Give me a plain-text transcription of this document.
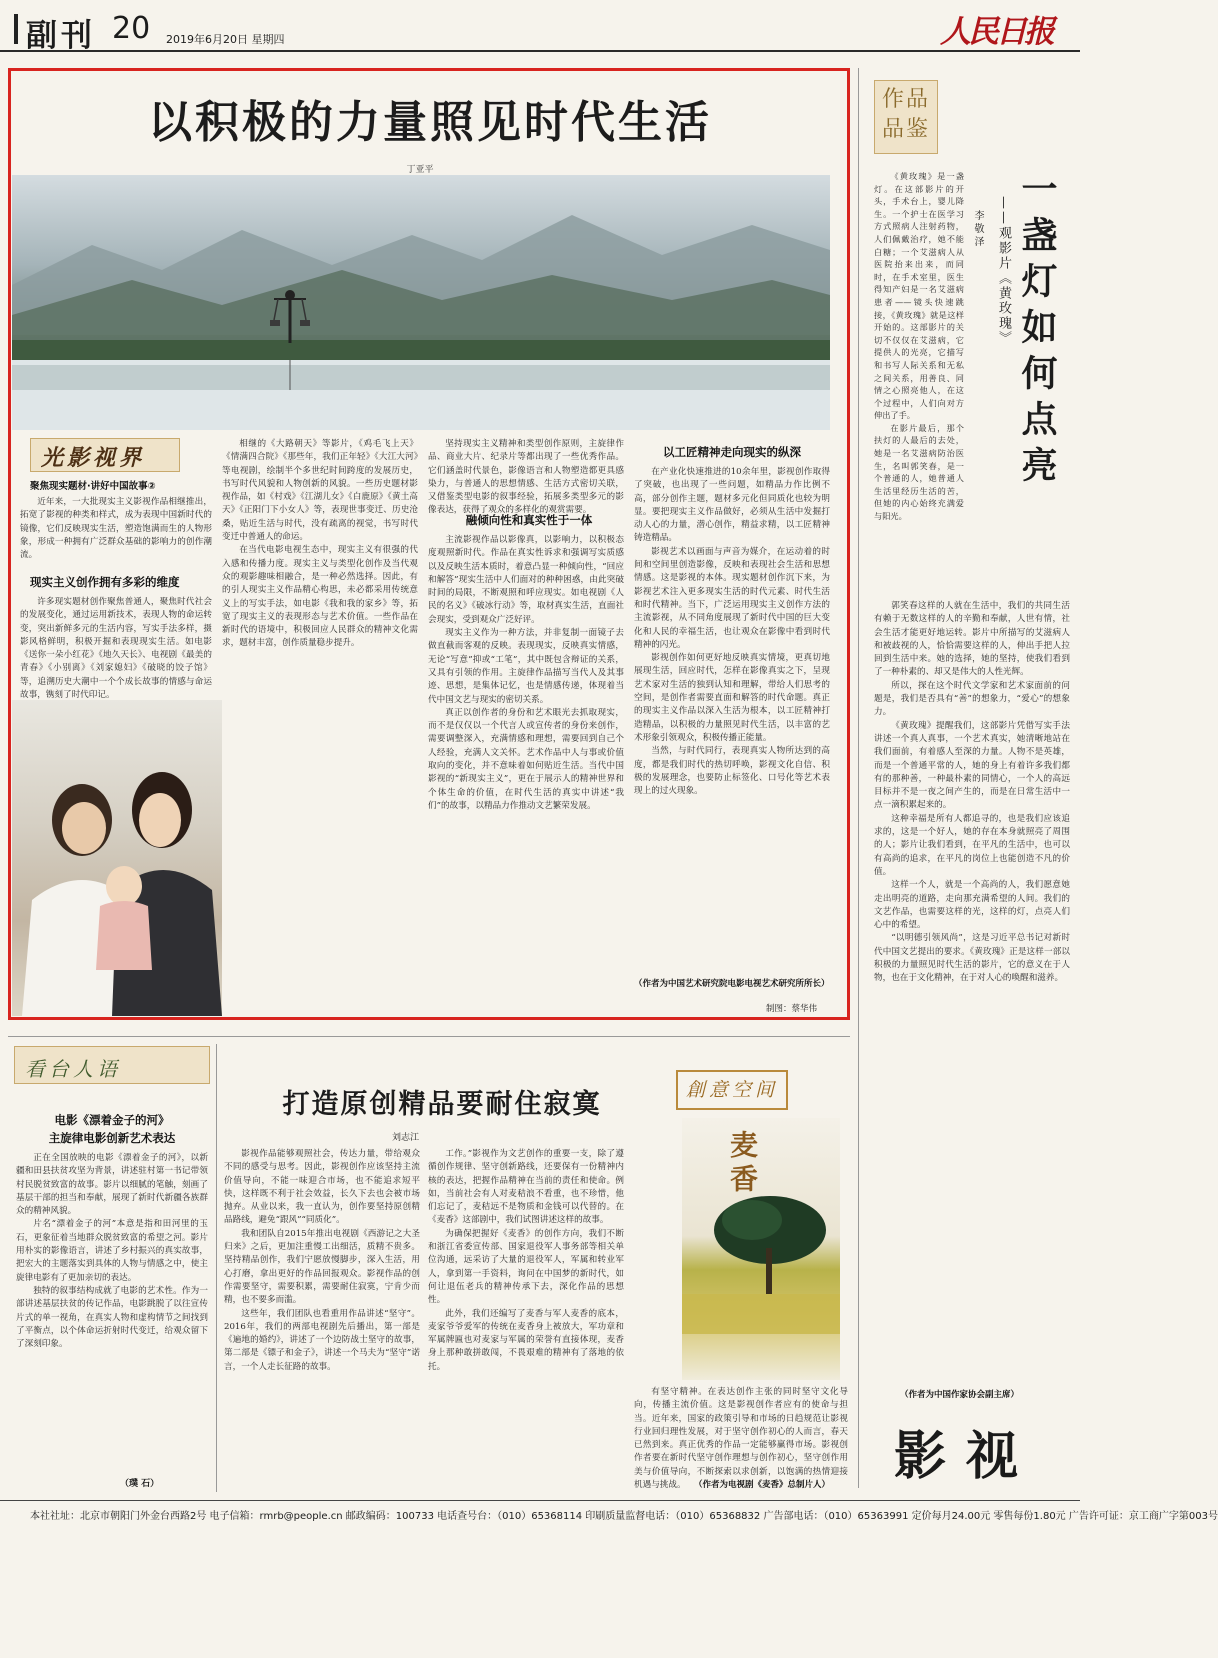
副刊 20 2019年6月20日 星期四	人民日报
以积极的力量照见时代生活
丁亚平
光影视界
聚焦现实题材·讲好中国故事②

近年来，一大批现实主义影视作品相继推出，拓宽了影视的种类和样式，成为表现中国新时代的镜像，它们反映现实生活，塑造饱满而生的人物形象，形成一种拥有广泛群众基础的影响力的创作潮流。

现实主义创作拥有多彩的维度

许多现实题材创作聚焦普通人，聚焦时代社会的发展变化，通过运用新技术，表现人物的命运转变，突出新鲜多元的生活内容，写实手法多样，摄影风格鲜明，积极开掘和表现现实生活。如电影《送你一朵小红花》《地久天长》、电视剧《最美的青春》《小别离》《刘家媳妇》《破晓的饺子馆》等，追溯历史大潮中一个个成长故事的情感与命运故事，镌刻了时代印记。

相继的《大路朝天》等影片，《鸡毛飞上天》《情满四合院》《那些年，我们正年轻》《大江大河》等电视剧，绘制半个多世纪时间跨度的发展历史，书写时代风貌和人物创新的风貌。一些历史题材影视作品，如《村戏》《江湖儿女》《白鹿原》《黄土高天》《正阳门下小女人》等，表现世事变迁、历史沧桑，贴近生活与时代，没有疏离的视觉，书写时代变迁中普通人的命运。

在当代电影电视生态中，现实主义有很强的代入感和传播力度。现实主义与类型化创作及当代观众的观影趣味相融合，是一种必然选择。因此，有的引人现实主义作品精心构思，未必都采用传统意义上的写实手法，如电影《我和我的家乡》等，拓宽了现实主义的表现形态与艺术价值。一些作品在新时代的语境中，积极回应人民群众的精神文化需求，题材丰富，创作质量稳步提升。

坚持现实主义精神和类型创作原则，主旋律作品、商业大片、纪录片等都出现了一些优秀作品。它们涵盖时代景色，影像语言和人物塑造都更具感染力，与普通人的思想情感、生活方式密切关联，又借鉴类型电影的叙事经验，拓展多类型多元的影像表达，获得了观众的多样化的观赏需要。

融倾向性和真实性于一体

主流影视作品以影像真，以影响力，以积极态度观照新时代。作品在真实性诉求和强调写实质感以及反映生活本质时，着意凸显一种倾向性，“回应和解答”现实生活中人们面对的种种困惑，由此突破时间的局限，不断观照和呼应现实。如电视剧《人民的名义》《破冰行动》等，取材真实生活，直面社会现实，受到观众广泛好评。

现实主义作为一种方法，并非复制一面镜子去做直截而客观的反映。表现现实，反映真实情感，无论“写意”抑或“工笔”，其中既包含辩证的关系，又具有引领的作用。主旋律作品描写当代人及其事迹、思想，是集体记忆，也是情感传递，体现着当代中国文艺与现实的密切关系。

真正以创作者的身份和艺术眼光去抓取现实，而不是仅仅以一个代言人或宣传者的身份来创作，需要调整深入，充满情感和理想，需要回到自己个人经验，充满人文关怀。艺术作品中人与事或价值取向的变化，并不意味着如何贴近生活。当代中国影视的“新现实主义”，更在于展示人的精神世界和个体生命的价值，在时代生活的真实中讲述“我们”的故事，以精品力作推动文艺繁荣发展。

以工匠精神走向现实的纵深

在产业化快速推进的10余年里，影视创作取得了突破，也出现了一些问题，如精品力作比例不高，部分创作主题，题材多元化但同质化也较为明显。要把现实主义作品做好，必须从生活中发掘打动人心的力量，潜心创作，精益求精，以工匠精神铸造精品。

影视艺术以画面与声音为媒介，在运动着的时间和空间里创造影像，反映和表现社会生活和思想情感。这是影视的本体。现实题材创作沉下来，为影视艺术注入更多现实生活的时代元素、时代生活和时代精神。当下，广泛运用现实主义创作方法的主流影视，从不同角度展现了新时代中国的巨大变化和人民的幸福生活，也让观众在影像中看到时代精神的闪光。

影视创作如何更好地反映真实情境，更真切地展现生活，回应时代，怎样在影像真实之下，呈现艺术家对生活的独到认知和理解，带给人们思考的空间，是创作者需要直面和解答的时代命题。真正的现实主义作品以深入生活为根本，以工匠精神打造精品，以积极的力量照见时代生活，以丰富的艺术形象引领观众，积极传播正能量。

当然，与时代同行，表现真实人物所达到的高度，都是我们时代的热切呼唤，影视文化自信、积极的发展理念，也要防止标签化、口号化等艺术表现上的过火现象。

（作者为中国艺术研究院电影电视艺术研究所所长）
制图：蔡华伟
作品品鉴
一盏灯如何点亮
——观影片《黄玫瑰》
李敬泽

《黄玫瑰》是一盏灯。在这部影片的开头，手术台上，婴儿降生。一个护士在医学习方式照病人注射药物，人们佩戴治疗，她不能白糖；一个艾滋病人从医院抬来出来，而同时，在手术室里，医生得知产妇是一名艾滋病患者——镜头快速跳接，《黄玫瑰》就是这样开始的。这部影片的关切不仅仅在艾滋病，它提供人的光亮，它描写和书写人际关系和无私之间关系，用善良、同情之心照亮他人，在这个过程中，人们向对方伸出了手。

在影片最后，那个扶灯的人最后的去处，她是一名艾滋病防治医生，名叫郭笑春，是一个普通的人，她普通人生活里经历生活的苦，但她的内心始终充满爱与阳光。

郭笑春这样的人就在生活中，我们的共同生活有赖于无数这样的人的辛勤和奉献，人世有情，社会生活才能更好地运转。影片中所描写的艾滋病人和被歧视的人，恰恰需要这样的人，伸出手把人拉回到生活中来。她的选择，她的坚持，使我们看到了一种朴素的、却又是伟大的人性光辉。

所以，探在这个时代文学家和艺术家面前的问题是，我们是否具有“善”的想象力，“爱心”的想象力。

《黄玫瑰》提醒我们，这部影片凭借写实手法讲述一个真人真事，一个艺术真实，她清晰地站在我们面前，有着感人至深的力量。人物不是英雄，而是一个普通平常的人，她的身上有着许多我们都有的那种善，一种最朴素的同情心，一个人的高远目标并不是一夜之间产生的，而是在日常生活中一点一滴积累起来的。

这种幸福是所有人都追寻的，也是我们应该追求的，这是一个好人，她的存在本身就照亮了周围的人；影片让我们看到，在平凡的生活中，也可以有高尚的追求，在平凡的岗位上也能创造不凡的价值。

这样一个人，就是一个高尚的人，我们愿意她走出明亮的道路，走向那充满希望的人间。我们的文艺作品，也需要这样的光，这样的灯，点亮人们心中的希望。

“以明德引领风尚”，这是习近平总书记对新时代中国文艺提出的要求。《黄玫瑰》正是这样一部以积极的力量照见时代生活的影片，它的意义在于人物，也在于文化精神，在于对人心的唤醒和滋养。

（作者为中国作家协会副主席）
影视
看台人语
电影《漂着金子的河》
主旋律电影创新艺术表达

正在全国放映的电影《漂着金子的河》，以新疆和田县扶贫攻坚为背景，讲述驻村第一书记带领村民脱贫致富的故事。影片以细腻的笔触，刻画了基层干部的担当和奉献，展现了新时代新疆各族群众的精神风貌。

片名“漂着金子的河”本意是指和田河里的玉石，更象征着当地群众脱贫致富的希望之河。影片用朴实的影像语言，讲述了乡村振兴的真实故事，把宏大的主题落实到具体的人物与情感之中，使主旋律电影有了更加亲切的表达。

独特的叙事结构成就了电影的艺术性。作为一部讲述基层扶贫的传记作品，电影跳脱了以往宣传片式的单一视角，在真实人物和虚构情节之间找到了平衡点，以个体命运折射时代变迁，给观众留下了深刻印象。

（璞 石）
打造原创精品要耐住寂寞
刘志江

影视作品能够观照社会，传达力量，带给观众不同的感受与思考。因此，影视创作应该坚持主流价值导向，不能一味迎合市场，也不能追求短平快，这样既不利于社会效益，长久下去也会被市场抛弃。从业以来，我一直认为，创作要坚持原创精品路线，避免“跟风”“同质化”。

我和团队自2015年推出电视剧《西游记之大圣归来》之后，更加注重慢工出细活，质精不贵多。坚持精品创作，我们宁愿放慢脚步，深入生活，用心打磨，拿出更好的作品回报观众。影视作品的创作需要坚守，需要积累，需要耐住寂寞，宁肯少而精，也不要多而滥。

这些年，我们团队也看重用作品讲述“坚守”。2016年，我们的两部电视剧先后播出，第一部是《遍地的婚约》，讲述了一个边防战士坚守的故事，第二部是《镖子和金子》，讲述一个马夫为“坚守”诺言，一个人走长征路的故事。

工作。”影视作为文艺创作的重要一支，除了遵循创作规律、坚守创新路线，还要保有一份精神内核的表达，把握作品精神在当前的责任和使命。例如，当前社会有人对麦秸浪不看重，也不珍惜，他们忘记了，麦秸远不是物质和金钱可以代替的。在《麦香》这部剧中，我们试图讲述这样的故事。

为确保把握好《麦香》的创作方向，我们不断和浙江省委宣传部、国家退役军人事务部等相关单位沟通，远采访了大量的退役军人，军属和转业军人，拿到第一手资料，询问在中国梦的新时代，如何让退伍老兵的精神传承下去，深化作品的思想性。

此外，我们还编写了麦香与军人麦香的底本，麦家爷爷爱军的传统在麦香身上被放大，军功章和军属牌匾也对麦家与军属的荣誉有直接体现，麦香身上那种敢拼敢闯，不畏艰难的精神有了落地的依托。

創意空间
麦香

有坚守精神。在表达创作主张的同时坚守文化导向，传播主流价值。这是影视创作者应有的使命与担当。近年来，国家的政策引导和市场的日趋规范让影视行业回归理性发展，对于坚守创作初心的人而言，春天已然到来。真正优秀的作品一定能够赢得市场。影视创作者要在新时代坚守创作理想与创作初心，坚守创作用美与价值导向，不断探索以求创新，以饱满的热情迎接机遇与挑战。 （作者为电视剧《麦香》总制片人）
本社社址：北京市朝阳门外金台西路2号 电子信箱：rmrb@people.cn 邮政编码：100733 电话查号台：（010）65368114 印刷质量监督电话：（010）65368832 广告部电话：（010）65363991 定价每月24.00元 零售每份1.80元 广告许可证：京工商广字第003号
